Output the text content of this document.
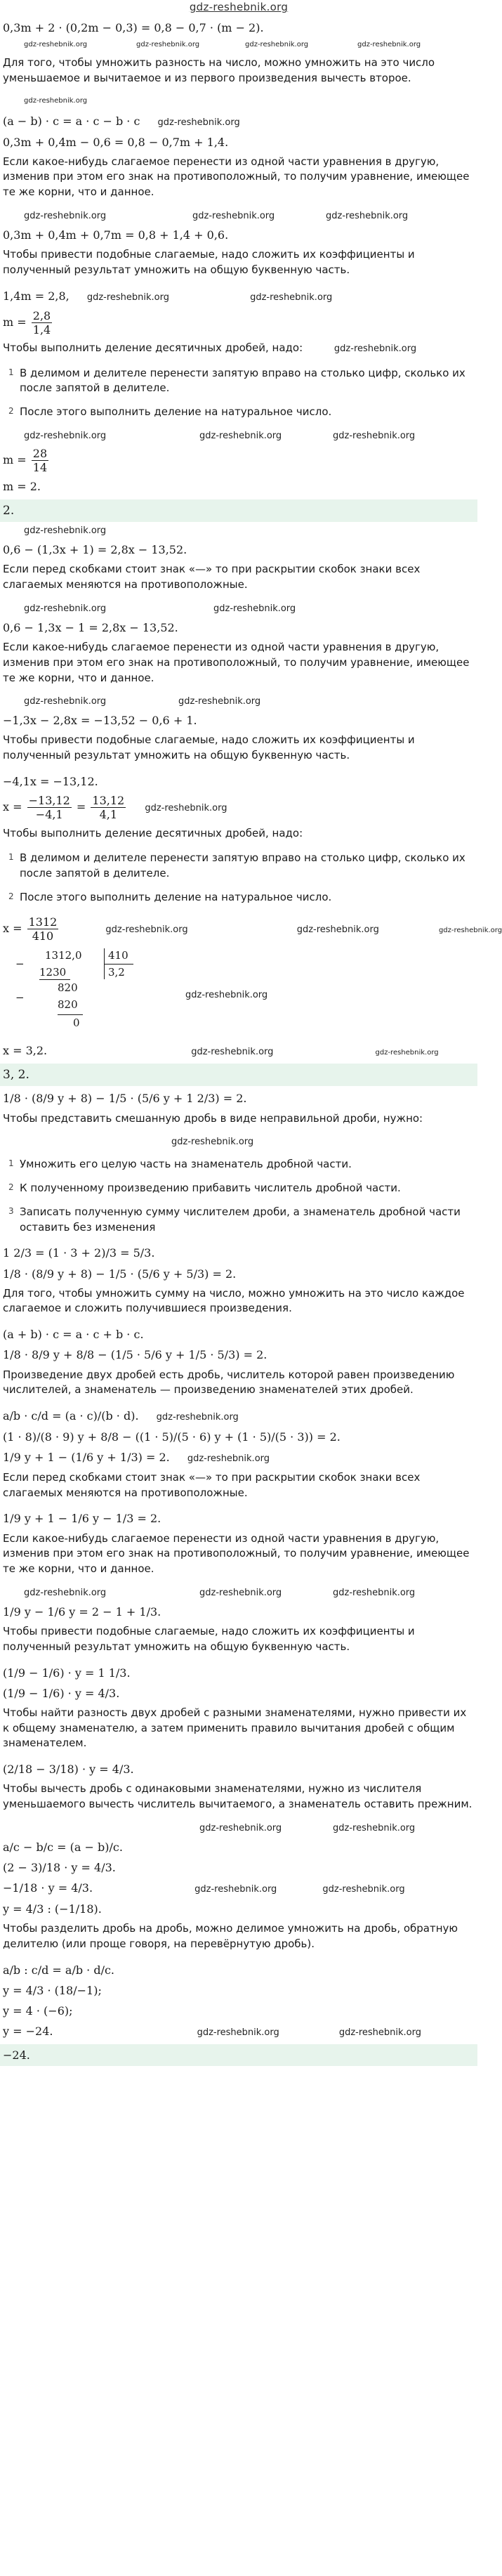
gdz-reshebnik.org
0,3m + 2 · (0,2m − 0,3) = 0,8 − 0,7 · (m − 2).
gdz-reshebnik.org	gdz-reshebnik.org	gdz-reshebnik.org	gdz-reshebnik.org
Для того, чтобы умножить разность на число, можно умножить на это число уменьшаемое и вычитаемое и из первого произведения вычесть второе.
gdz-reshebnik.org
(a − b) · c = a · c − b · c gdz-reshebnik.org
0,3m + 0,4m − 0,6 = 0,8 − 0,7m + 1,4.
Если какое-нибудь слагаемое перенести из одной части уравнения в другую, изменив при этом его знак на противоположный, то получим уравнение, имеющее те же корни, что и данное.
gdz-reshebnik.org	gdz-reshebnik.org	gdz-reshebnik.org
0,3m + 0,4m + 0,7m = 0,8 + 1,4 + 0,6.
Чтобы привести подобные слагаемые, надо сложить их коэффициенты и полученный результат умножить на общую буквенную часть.
1,4m = 2,8, gdz-reshebnik.org	gdz-reshebnik.org
$m = \frac{2,8}{1,4}$
Чтобы выполнить деление десятичных дробей, надо:	gdz-reshebnik.org
1 В делимом и делителе перенести запятую вправо на столько цифр, сколько их после запятой в делителе.
2 После этого выполнить деление на натуральное число.
gdz-reshebnik.org	gdz-reshebnik.org	gdz-reshebnik.org
$m = \frac{28}{14}$
m = 2.
2.
gdz-reshebnik.org
0,6 − (1,3x + 1) = 2,8x − 13,52.
Если перед скобками стоит знак «—» то при раскрытии скобок знаки всех слагаемых меняются на противоположные.
gdz-reshebnik.org	gdz-reshebnik.org
0,6 − 1,3x − 1 = 2,8x − 13,52.
Если какое-нибудь слагаемое перенести из одной части уравнения в другую, изменив при этом его знак на противоположный, то получим уравнение, имеющее те же корни, что и данное.
gdz-reshebnik.org	gdz-reshebnik.org
−1,3x − 2,8x = −13,52 − 0,6 + 1.
Чтобы привести подобные слагаемые, надо сложить их коэффициенты и полученный результат умножить на общую буквенную часть.
−4,1x = −13,12.
$x = \frac{-13,12}{-4,1} = \frac{13,12}{4,1}$ gdz-reshebnik.org
Чтобы выполнить деление десятичных дробей, надо:
1 В делимом и делителе перенести запятую вправо на столько цифр, сколько их после запятой в делителе.
2 После этого выполнить деление на натуральное число.
$x = \frac{1312}{410}$	gdz-reshebnik.org	gdz-reshebnik.org	gdz-reshebnik.org
−
1312,0	410
3,2
1230
−
820
820
0
gdz-reshebnik.org
x = 3,2.	gdz-reshebnik.org	gdz-reshebnik.org
3, 2.
1/8 · (8/9 y + 8) − 1/5 · (5/6 y + 1 2/3) = 2.
Чтобы представить смешанную дробь в виде неправильной дроби, нужно:
gdz-reshebnik.org
1 Умножить его целую часть на знаменатель дробной части.
2 К полученному произведению прибавить числитель дробной части.
3 Записать полученную сумму числителем дроби, а знаменатель дробной части оставить без изменения
1 2/3 = (1 · 3 + 2)/3 = 5/3.
1/8 · (8/9 y + 8) − 1/5 · (5/6 y + 5/3) = 2.
Для того, чтобы умножить сумму на число, можно умножить на это число каждое слагаемое и сложить получившиеся произведения.
(a + b) · c = a · c + b · c.
1/8 · 8/9 y + 8/8 − (1/5 · 5/6 y + 1/5 · 5/3) = 2.
Произведение двух дробей есть дробь, числитель которой равен произведению числителей, а знаменатель — произведению знаменателей этих дробей.
a/b · c/d = (a · c)/(b · d). gdz-reshebnik.org
(1 · 8)/(8 · 9) y + 8/8 − ((1 · 5)/(5 · 6) y + (1 · 5)/(5 · 3)) = 2.
1/9 y + 1 − (1/6 y + 1/3) = 2. gdz-reshebnik.org
Если перед скобками стоит знак «—» то при раскрытии скобок знаки всех слагаемых меняются на противоположные.
1/9 y + 1 − 1/6 y − 1/3 = 2.
Если какое-нибудь слагаемое перенести из одной части уравнения в другую, изменив при этом его знак на противоположный, то получим уравнение, имеющее те же корни, что и данное.
gdz-reshebnik.org	gdz-reshebnik.org	gdz-reshebnik.org
1/9 y − 1/6 y = 2 − 1 + 1/3.
Чтобы привести подобные слагаемые, надо сложить их коэффициенты и полученный результат умножить на общую буквенную часть.
(1/9 − 1/6) · y = 1 1/3.
(1/9 − 1/6) · y = 4/3.
Чтобы найти разность двух дробей с разными знаменателями, нужно привести их к общему знаменателю, а затем применить правило вычитания дробей с общим знаменателем.
(2/18 − 3/18) · y = 4/3.
Чтобы вычесть дробь с одинаковыми знаменателями, нужно из числителя уменьшаемого вычесть числитель вычитаемого, а знаменатель оставить прежним.
gdz-reshebnik.org	gdz-reshebnik.org
a/c − b/c = (a − b)/c.
(2 − 3)/18 · y = 4/3.
−1/18 · y = 4/3.	gdz-reshebnik.org	gdz-reshebnik.org
y = 4/3 : (−1/18).
Чтобы разделить дробь на дробь, можно делимое умножить на дробь, обратную делителю (или проще говоря, на перевёрнутую дробь).
a/b : c/d = a/b · d/c.
y = 4/3 · (18/−1);
y = 4 · (−6);
y = −24.	gdz-reshebnik.org	gdz-reshebnik.org
−24.
